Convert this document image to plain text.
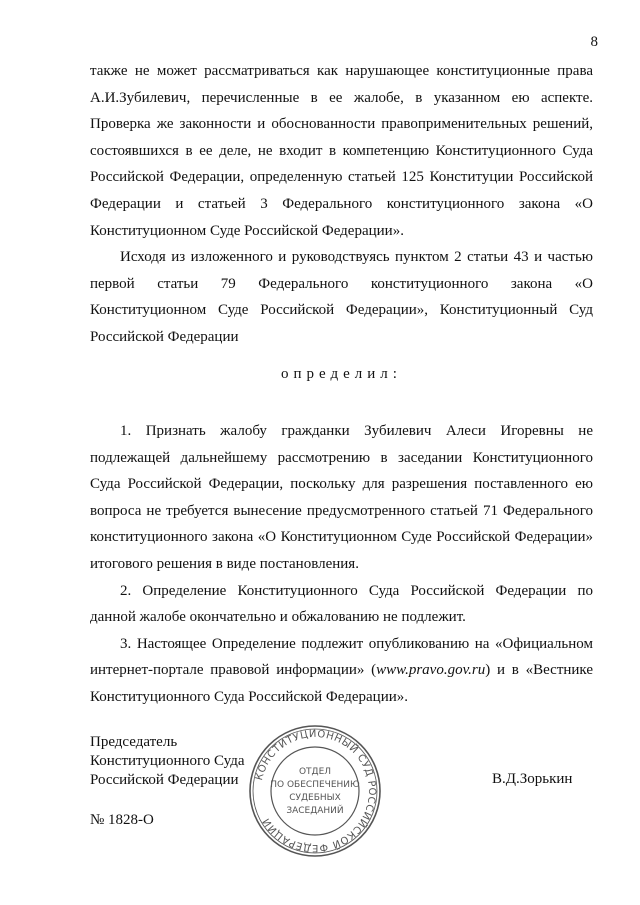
8

также не может рассматриваться как нарушающее конституционные права А.И.Зубилевич, перечисленные в ее жалобе, в указанном ею аспекте. Проверка же законности и обоснованности правоприменительных решений, состоявшихся в ее деле, не входит в компетенцию Конституционного Суда Российской Федерации, определенную статьей 125 Конституции Российской Федерации и статьей 3 Федерального конституционного закона «О Конституционном Суде Российской Федерации».

Исходя из изложенного и руководствуясь пунктом 2 статьи 43 и частью первой статьи 79 Федерального конституционного закона «О Конституционном Суде Российской Федерации», Конституционный Суд Российской Федерации

определил:

1. Признать жалобу гражданки Зубилевич Алеси Игоревны не подлежащей дальнейшему рассмотрению в заседании Конституционного Суда Российской Федерации, поскольку для разрешения поставленного ею вопроса не требуется вынесение предусмотренного статьей 71 Федерального конституционного закона «О Конституционном Суде Российской Федерации» итогового решения в виде постановления.

2. Определение Конституционного Суда Российской Федерации по данной жалобе окончательно и обжалованию не подлежит.

3. Настоящее Определение подлежит опубликованию на «Официальном интернет-портале правовой информации» (www.pravo.gov.ru) и в «Вестнике Конституционного Суда Российской Федерации».

Председатель
Конституционного Суда
Российской Федерации	В.Д.Зорькин
№ 1828-О
КОНСТИТУЦИОННЫЙ СУД РОССИЙСКОЙ ФЕДЕРАЦИИ
ОТДЕЛ
ПО ОБЕСПЕЧЕНИЮ
СУДЕБНЫХ
ЗАСЕДАНИЙ
